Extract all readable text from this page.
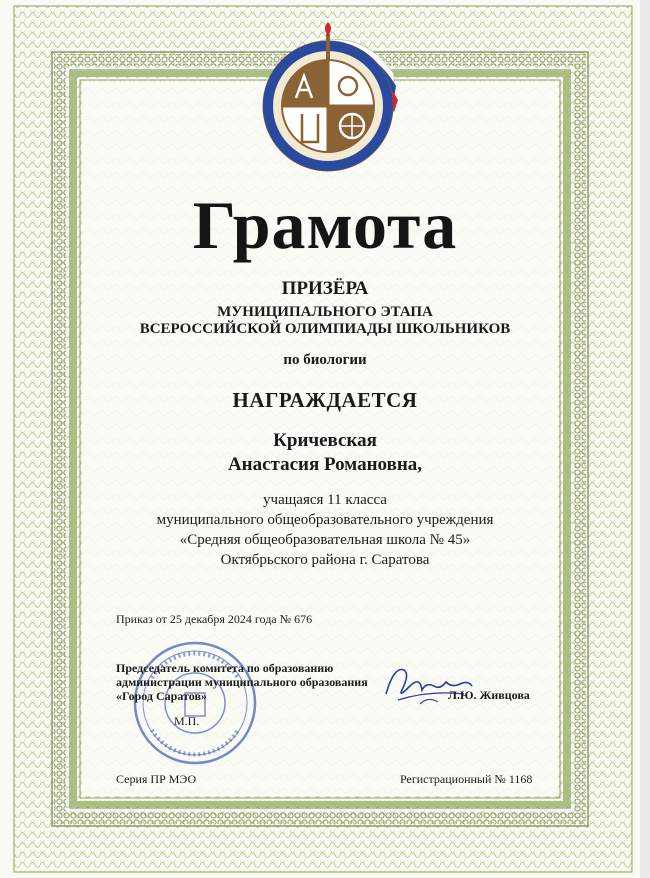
Грамота
ПРИЗЁРА
МУНИЦИПАЛЬНОГО ЭТАПА
ВСЕРОССИЙСКОЙ ОЛИМПИАДЫ ШКОЛЬНИКОВ
по биологии
НАГРАЖДАЕТСЯ
Кричевская
Анастасия Романовна,
учащаяся 11 класса
муниципального общеобразовательного учреждения
«Средняя общеобразовательная школа № 45»
Октябрьского района г. Саратова
Приказ от 25 декабря 2024 года № 676
Председатель комитета по образованию
администрации муниципального образования
«Город Саратов»
М.П.
Л.Ю. Живцова
Серия ПР МЭО	Регистрационный № 1168
